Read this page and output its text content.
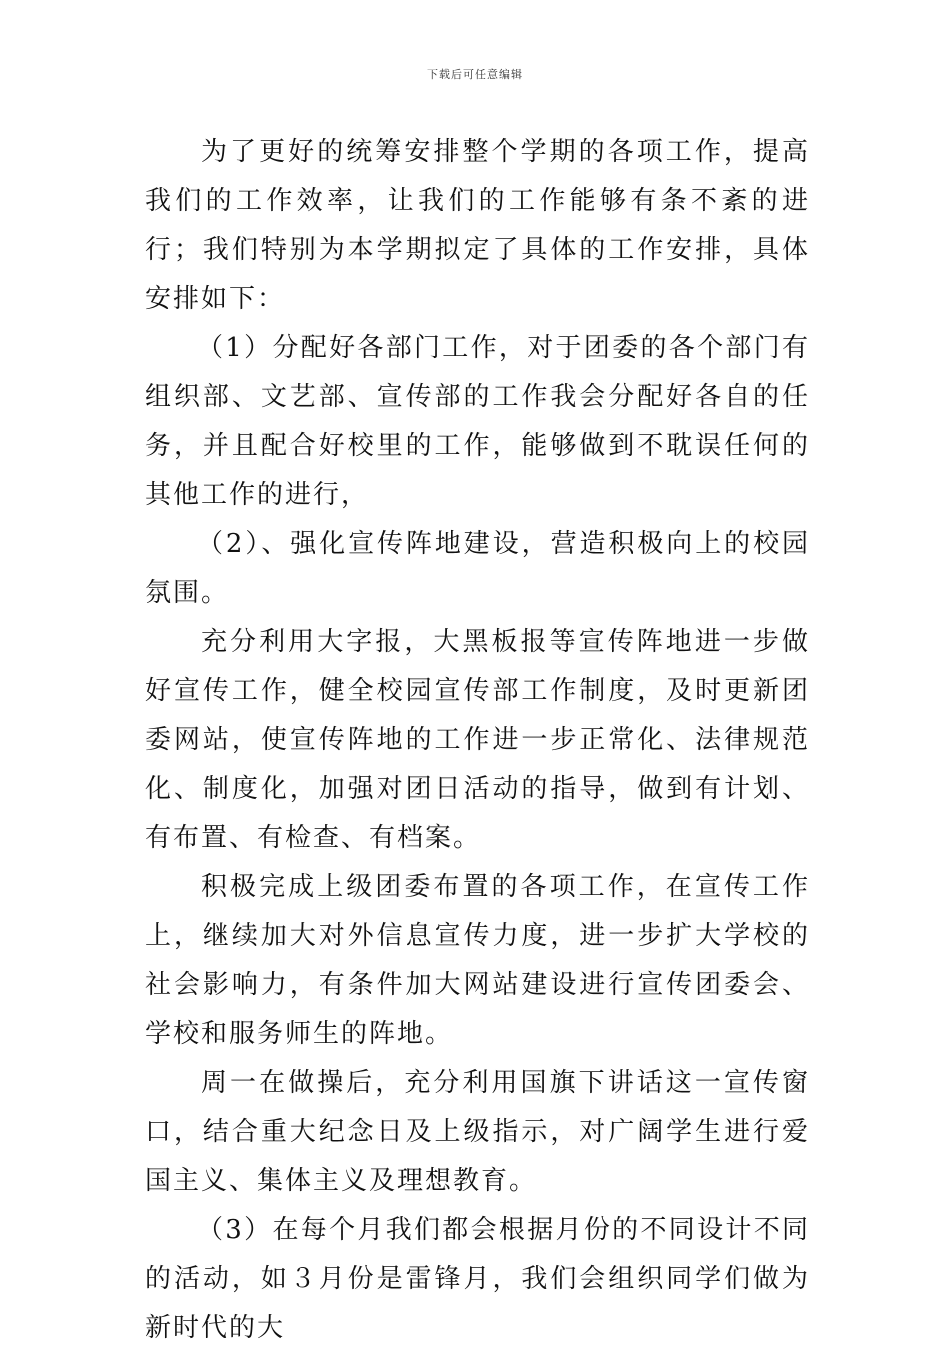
下载后可任意编辑

为了更好的统筹安排整个学期的各项工作，提高我们的工作效率，让我们的工作能够有条不紊的进行；我们特别为本学期拟定了具体的工作安排，具体安排如下：

（1）分配好各部门工作，对于团委的各个部门有组织部、文艺部、宣传部的工作我会分配好各自的任务，并且配合好校里的工作，能够做到不耽误任何的其他工作的进行，

（2）、强化宣传阵地建设，营造积极向上的校园氛围。

充分利用大字报，大黑板报等宣传阵地进一步做好宣传工作，健全校园宣传部工作制度，及时更新团委网站，使宣传阵地的工作进一步正常化、法律规范化、制度化，加强对团日活动的指导，做到有计划、有布置、有检查、有档案。

积极完成上级团委布置的各项工作，在宣传工作上，继续加大对外信息宣传力度，进一步扩大学校的社会影响力，有条件加大网站建设进行宣传团委会、学校和服务师生的阵地。

周一在做操后，充分利用国旗下讲话这一宣传窗口，结合重大纪念日及上级指示，对广阔学生进行爱国主义、集体主义及理想教育。

（3）在每个月我们都会根据月份的不同设计不同的活动，如３月份是雷锋月，我们会组织同学们做为新时代的大
